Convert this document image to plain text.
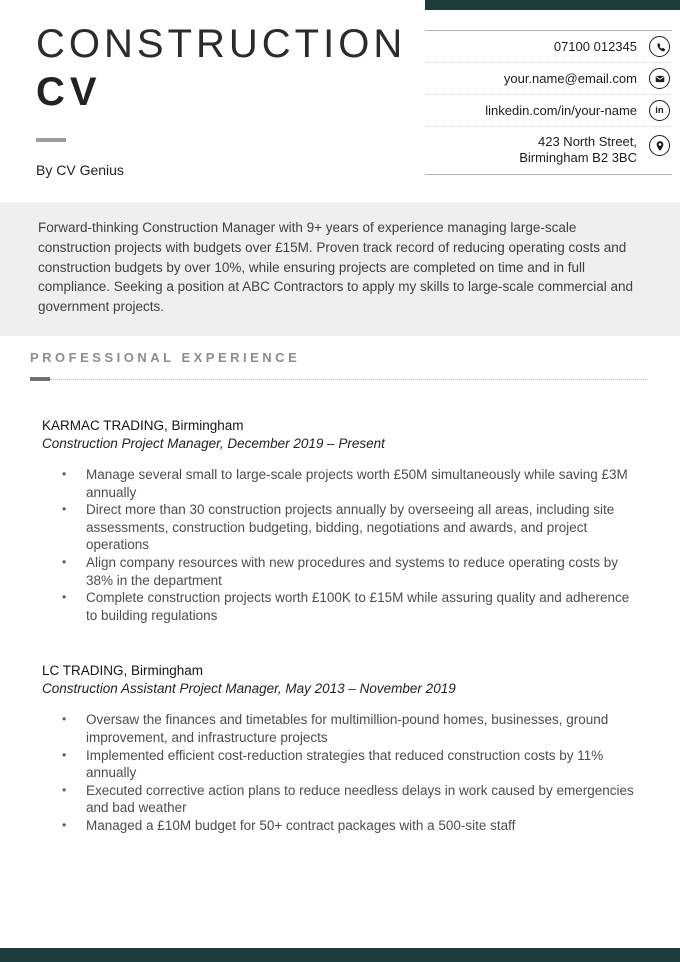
CONSTRUCTION
CV
By CV Genius
07100 012345
your.name@email.com
linkedin.com/in/your-name in
423 North Street,
Birmingham B2 3BC

Forward-thinking Construction Manager with 9+ years of experience managing large-scale construction projects with budgets over £15M. Proven track record of reducing operating costs and construction budgets by over 10%, while ensuring projects are completed on time and in full compliance. Seeking a position at ABC Contractors to apply my skills to large-scale commercial and government projects.

PROFESSIONAL EXPERIENCE
KARMAC TRADING, Birmingham
Construction Project Manager, December 2019 – Present
• Manage several small to large-scale projects worth £50M simultaneously while saving £3M annually
• Direct more than 30 construction projects annually by overseeing all areas, including site assessments, construction budgeting, bidding, negotiations and awards, and project operations
• Align company resources with new procedures and systems to reduce operating costs by 38% in the department
• Complete construction projects worth £100K to £15M while assuring quality and adherence to building regulations
LC TRADING, Birmingham
Construction Assistant Project Manager, May 2013 – November 2019
• Oversaw the finances and timetables for multimillion-pound homes, businesses, ground improvement, and infrastructure projects
• Implemented efficient cost-reduction strategies that reduced construction costs by 11% annually
• Executed corrective action plans to reduce needless delays in work caused by emergencies and bad weather
• Managed a £10M budget for 50+ contract packages with a 500-site staff
